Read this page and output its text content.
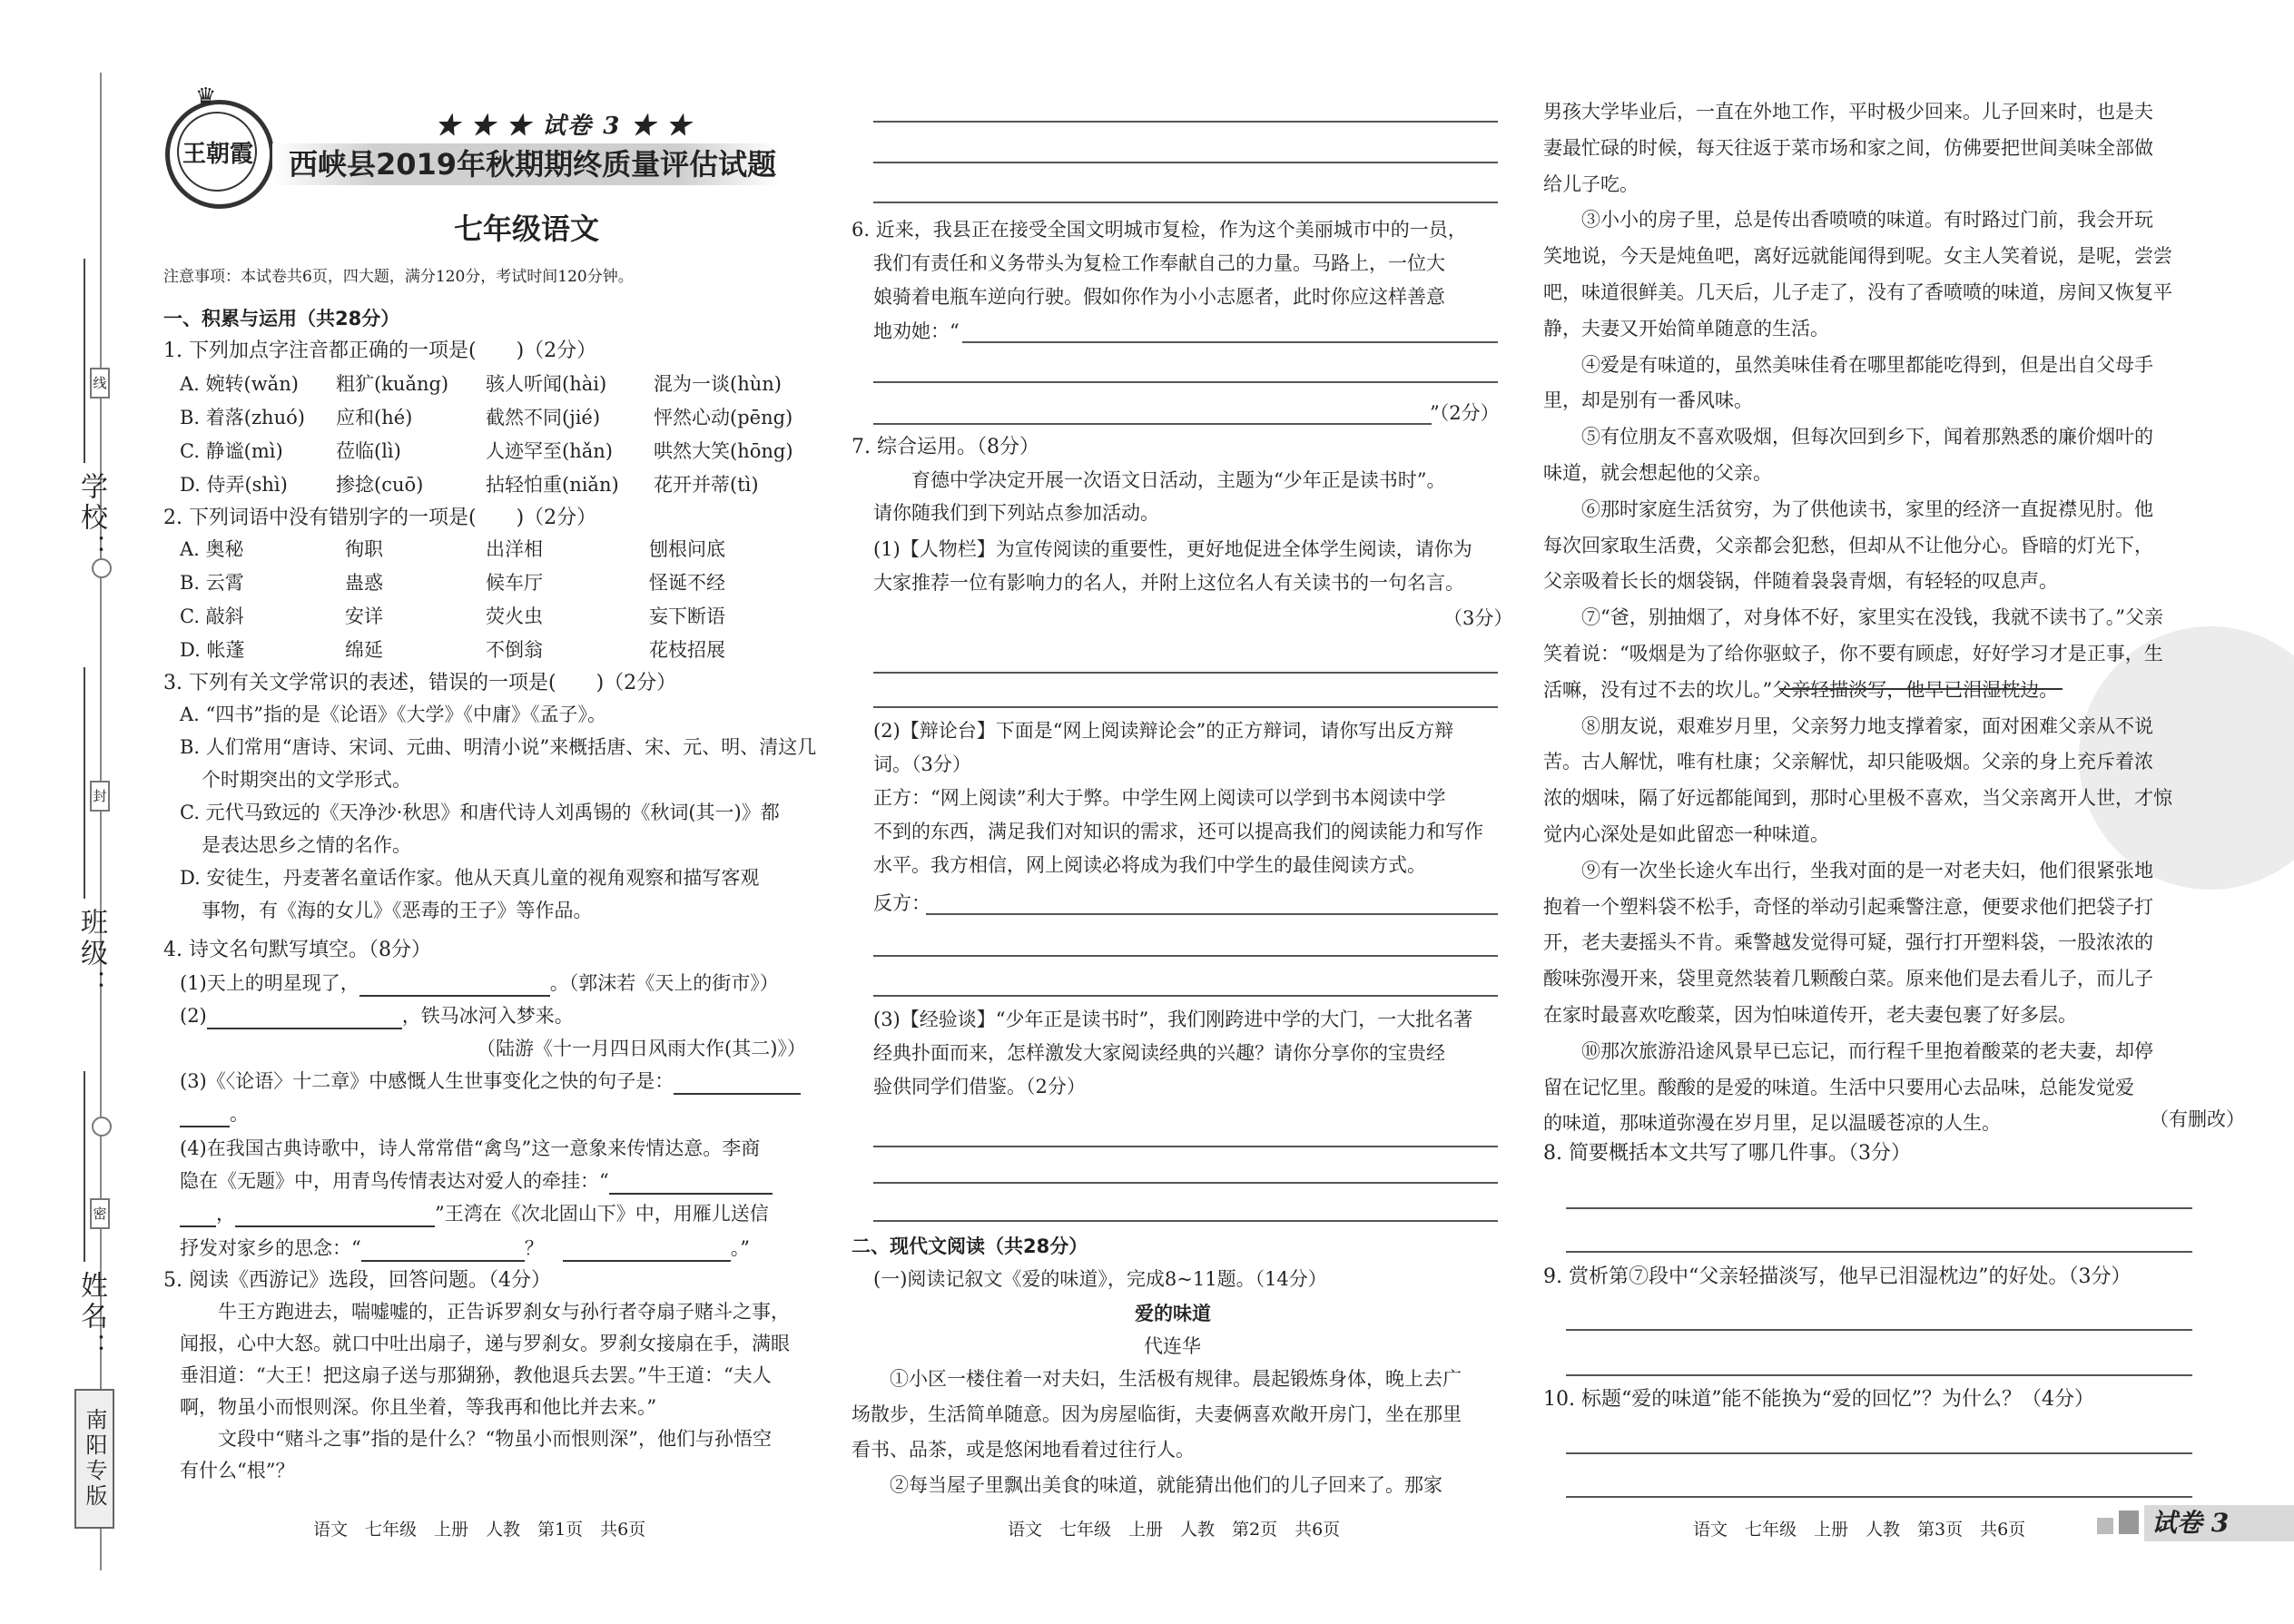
线
封
密
学校：
班级：
姓名：
南阳专版
王朝霞
♛
★ ★ ★ 试卷 3 ★ ★
西峡县2019年秋期期终质量评估试题
七年级语文
注意事项：本试卷共6页，四大题，满分120分，考试时间120分钟。
一、积累与运用（共28分）
1. 下列加点字注音都正确的一项是(　　)（2分）
A. 婉转(wǎn) 粗犷(kuǎng) 骇人听闻(hài) 混为一谈(hùn)
B. 着落(zhuó) 应和(hé)	截然不同(jié)	怦然心动(pēng)
C. 静谧(mì)	莅临(lì)	人迹罕至(hǎn) 哄然大笑(hōng)
D. 侍弄(shì)	掺捻(cuō)	拈轻怕重(niǎn) 花开并蒂(tì)
2. 下列词语中没有错别字的一项是(　　)（2分）
A. 奥秘	徇职	出洋相	刨根问底
B. 云霄	蛊惑	候车厅	怪诞不经
C. 敲斜	安详	荧火虫	妄下断语
D. 帐蓬	绵延	不倒翁	花枝招展
3. 下列有关文学常识的表述，错误的一项是(　　)（2分）
A. “四书”指的是《论语》《大学》《中庸》《孟子》。
B. 人们常用“唐诗、宋词、元曲、明清小说”来概括唐、宋、元、明、清这几
个时期突出的文学形式。
C. 元代马致远的《天净沙·秋思》和唐代诗人刘禹锡的《秋词(其一)》都
是表达思乡之情的名作。
D. 安徒生，丹麦著名童话作家。他从天真儿童的视角观察和描写客观
事物，有《海的女儿》《恶毒的王子》等作品。
4. 诗文名句默写填空。（8分）
(1)天上的明星现了，	。（郭沫若《天上的街市》）
(2)	，铁马冰河入梦来。
（陆游《十一月四日风雨大作(其二)》）
(3)《〈论语〉十二章》中感慨人生世事变化之快的句子是：
。
(4)在我国古典诗歌中，诗人常常借“禽鸟”这一意象来传情达意。李商
隐在《无题》中，用青鸟传情表达对爱人的牵挂：“
，	”王湾在《次北固山下》中，用雁儿送信
抒发对家乡的思念：“	？　	。”
5. 阅读《西游记》选段，回答问题。（4分）
　　牛王方跑进去，喘嘘嘘的，正告诉罗刹女与孙行者夺扇子赌斗之事，
闻报，心中大怒。就口中吐出扇子，递与罗刹女。罗刹女接扇在手，满眼
垂泪道：“大王！把这扇子送与那猢狲，教他退兵去罢。”牛王道：“夫人
啊，物虽小而恨则深。你且坐着，等我再和他比并去来。”
　　文段中“赌斗之事”指的是什么？“物虽小而恨则深”，他们与孙悟空
有什么“根”？
语文　七年级　上册　人教　第1页　共6页
6. 近来，我县正在接受全国文明城市复检，作为这个美丽城市中的一员，
我们有责任和义务带头为复检工作奉献自己的力量。马路上，一位大
娘骑着电瓶车逆向行驶。假如你作为小小志愿者，此时你应这样善意
地劝她：“
”（2分）
7. 综合运用。（8分）
　　育德中学决定开展一次语文日活动，主题为“少年正是读书时”。
请你随我们到下列站点参加活动。
(1)【人物栏】为宣传阅读的重要性，更好地促进全体学生阅读，请你为
大家推荐一位有影响力的名人，并附上这位名人有关读书的一句名言。
（3分）
(2)【辩论台】下面是“网上阅读辩论会”的正方辩词，请你写出反方辩
词。（3分）
正方：“网上阅读”利大于弊。中学生网上阅读可以学到书本阅读中学
不到的东西，满足我们对知识的需求，还可以提高我们的阅读能力和写作
水平。我方相信，网上阅读必将成为我们中学生的最佳阅读方式。
反方：
(3)【经验谈】“少年正是读书时”，我们刚跨进中学的大门，一大批名著
经典扑面而来，怎样激发大家阅读经典的兴趣？请你分享你的宝贵经
验供同学们借鉴。（2分）
二、现代文阅读（共28分）
(一)阅读记叙文《爱的味道》，完成8~11题。（14分）
爱的味道
代连华
　　①小区一楼住着一对夫妇，生活极有规律。晨起锻炼身体，晚上去广
场散步，生活简单随意。因为房屋临街，夫妻俩喜欢敞开房门，坐在那里
看书、品茶，或是悠闲地看着过往行人。
　　②每当屋子里飘出美食的味道，就能猜出他们的儿子回来了。那家
语文　七年级　上册　人教　第2页　共6页
男孩大学毕业后，一直在外地工作，平时极少回来。儿子回来时，也是夫
妻最忙碌的时候，每天往返于菜市场和家之间，仿佛要把世间美味全部做
给儿子吃。
　　③小小的房子里，总是传出香喷喷的味道。有时路过门前，我会开玩
笑地说，今天是炖鱼吧，离好远就能闻得到呢。女主人笑着说，是呢，尝尝
吧，味道很鲜美。几天后，儿子走了，没有了香喷喷的味道，房间又恢复平
静，夫妻又开始简单随意的生活。
　　④爱是有味道的，虽然美味佳肴在哪里都能吃得到，但是出自父母手
里，却是别有一番风味。
　　⑤有位朋友不喜欢吸烟，但每次回到乡下，闻着那熟悉的廉价烟叶的
味道，就会想起他的父亲。
　　⑥那时家庭生活贫穷，为了供他读书，家里的经济一直捉襟见肘。他
每次回家取生活费，父亲都会犯愁，但却从不让他分心。昏暗的灯光下，
父亲吸着长长的烟袋锅，伴随着袅袅青烟，有轻轻的叹息声。
　　⑦“爸，别抽烟了，对身体不好，家里实在没钱，我就不读书了。”父亲
笑着说：“吸烟是为了给你驱蚊子，你不要有顾虑，好好学习才是正事，生
活嘛，没有过不去的坎儿。”父亲轻描淡写，他早已泪湿枕边。
　　⑧朋友说，艰难岁月里，父亲努力地支撑着家，面对困难父亲从不说
苦。古人解忧，唯有杜康；父亲解忧，却只能吸烟。父亲的身上充斥着浓
浓的烟味，隔了好远都能闻到，那时心里极不喜欢，当父亲离开人世，才惊
觉内心深处是如此留恋一种味道。
　　⑨有一次坐长途火车出行，坐我对面的是一对老夫妇，他们很紧张地
抱着一个塑料袋不松手，奇怪的举动引起乘警注意，便要求他们把袋子打
开，老夫妻摇头不肯。乘警越发觉得可疑，强行打开塑料袋，一股浓浓的
酸味弥漫开来，袋里竟然装着几颗酸白菜。原来他们是去看儿子，而儿子
在家时最喜欢吃酸菜，因为怕味道传开，老夫妻包裹了好多层。
　　⑩那次旅游沿途风景早已忘记，而行程千里抱着酸菜的老夫妻，却停
留在记忆里。酸酸的是爱的味道。生活中只要用心去品味，总能发觉爱
的味道，那味道弥漫在岁月里，足以温暖苍凉的人生。	（有删改）
8. 简要概括本文共写了哪几件事。（3分）
9. 赏析第⑦段中“父亲轻描淡写，他早已泪湿枕边”的好处。（3分）
10. 标题“爱的味道”能不能换为“爱的回忆”？为什么？（4分）
语文　七年级　上册　人教　第3页　共6页	试卷 3
